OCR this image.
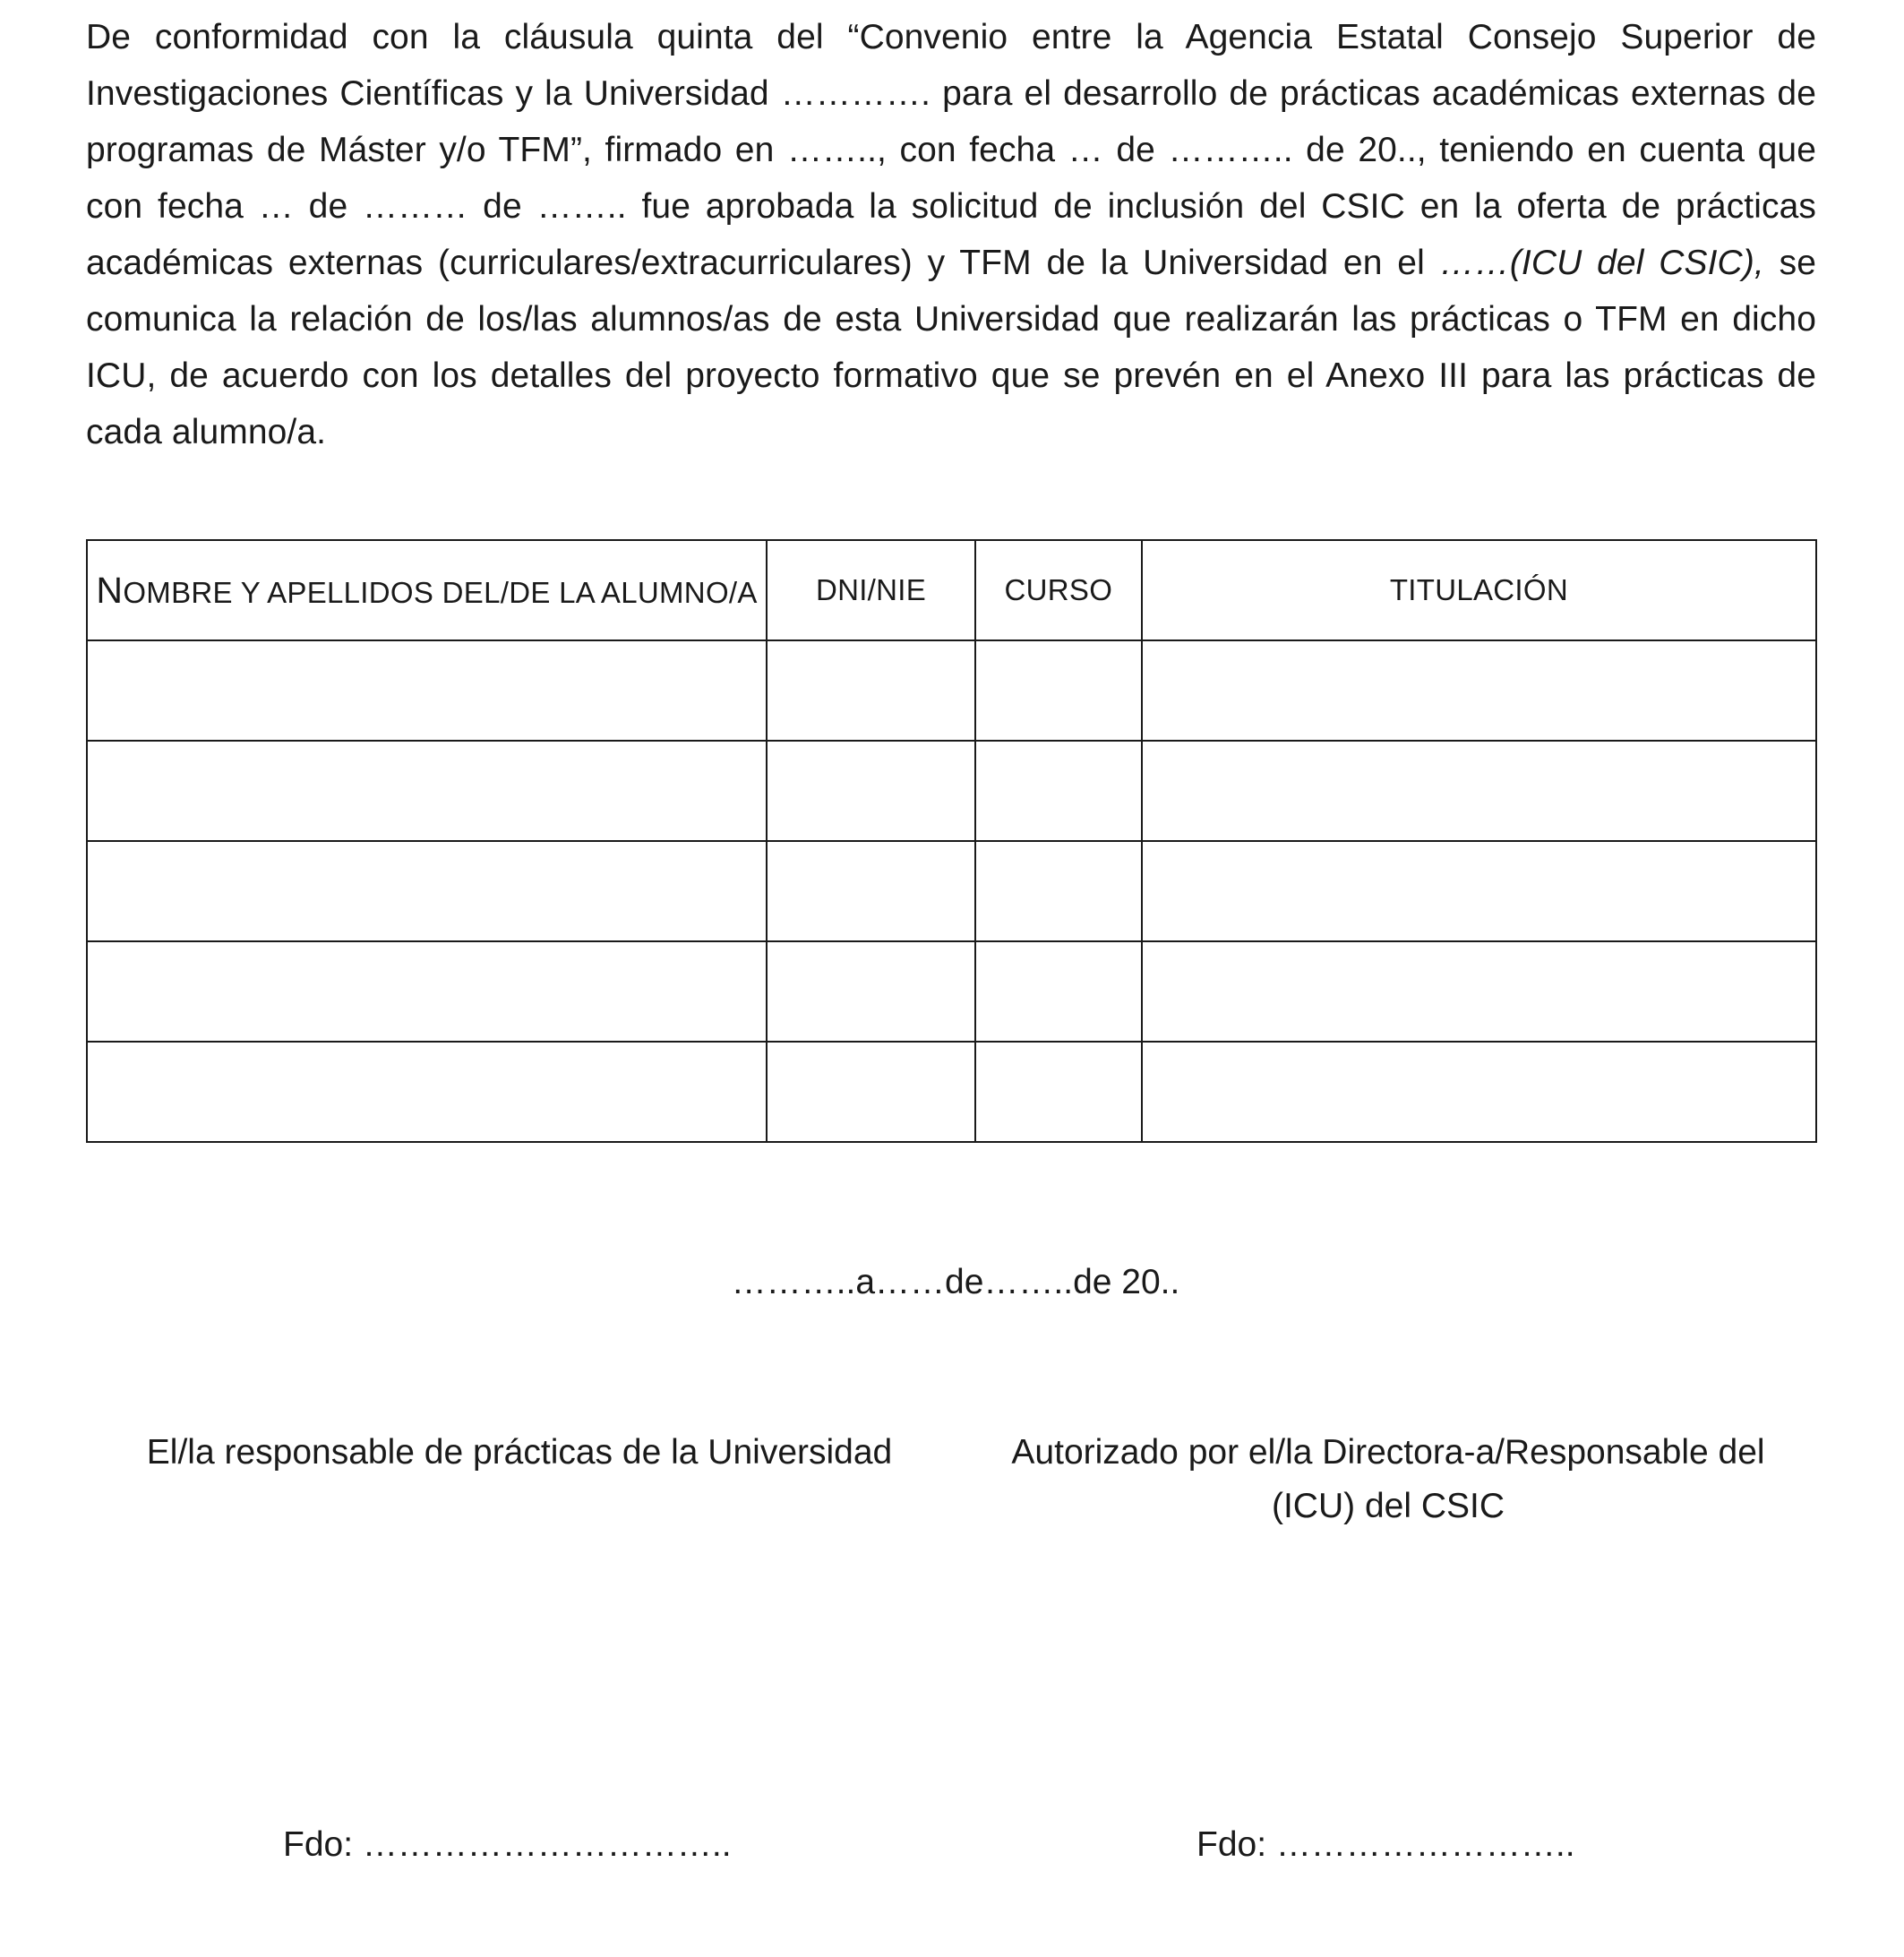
De conformidad con la cláusula quinta del “Convenio entre la Agencia Estatal Consejo Superior de Investigaciones Científicas y la Universidad …………. para el desarrollo de prácticas académicas externas de programas de Máster y/o TFM”, firmado en …….., con fecha … de ……….. de 20.., teniendo en cuenta que con fecha … de ……… de …….. fue aprobada la solicitud de inclusión del CSIC en la oferta de prácticas académicas externas (curriculares/extracurriculares) y TFM de la Universidad en el ……(ICU del CSIC), se comunica la relación de los/las alumnos/as de esta Universidad que realizarán las prácticas o TFM en dicho ICU, de acuerdo con los detalles del proyecto formativo que se prevén en el Anexo III para las prácticas de cada alumno/a.

NOMBRE Y APELLIDOS DEL/DE LA ALUMNO/A	DNI/NIE	CURSO	TITULACIÓN

………..a……de……..de 20..
El/la responsable de prácticas de la Universidad	Autorizado por el/la Directora-a/Responsable del
(ICU) del CSIC
Fdo: …………………………..	Fdo: ……………………..
